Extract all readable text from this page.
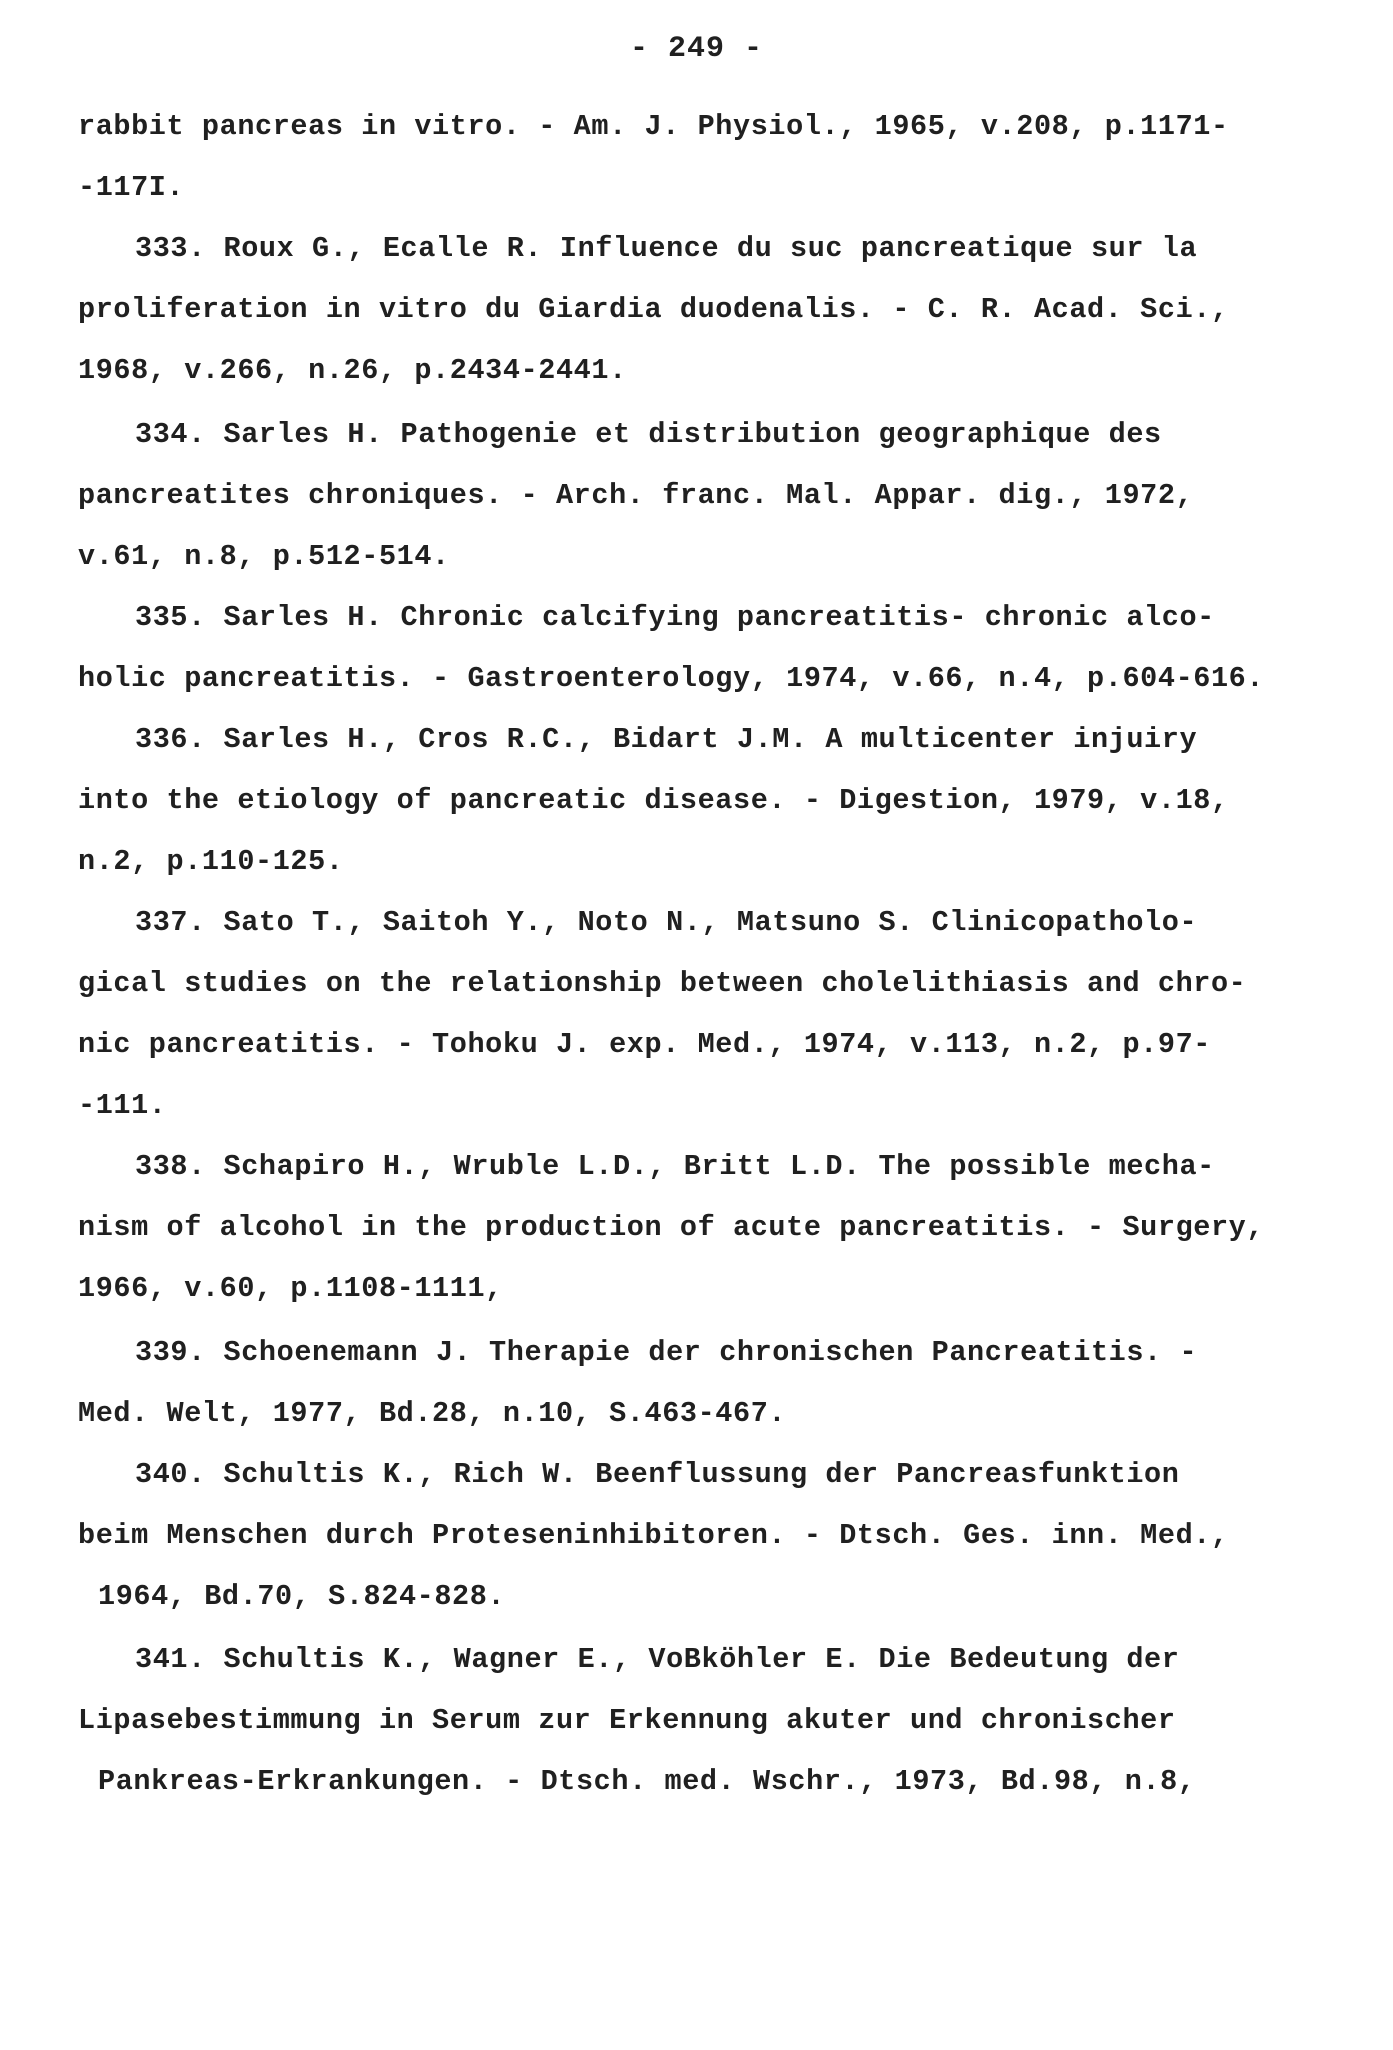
- 249 -
rabbit pancreas in vitro. - Am. J. Physiol., 1965, v.208, p.1171-
-117І.
333. Roux G., Ecalle R. Influence du suc pancreatique sur la
proliferation in vitro du Giardia duodenalis. - C. R. Acad. Sci.,
1968, v.266, n.26, p.2434-2441.
334. Sarles H. Pathogenie et distribution geographique des
pancreatites chroniques. - Arch. franc. Mal. Appar. dig., 1972,
v.61, n.8, p.512-514.
335. Sarles H. Chronic calcifying pancreatitis- chronic alco-
holic pancreatitis. - Gastroenterology, 1974, v.66, n.4, p.604-616.
336. Sarles H., Cros R.C., Bidart J.M. A multicenter injuiry
into the etiology of pancreatic disease. - Digestion, 1979, v.18,
n.2, p.110-125.
337. Sato T., Saitoh Y., Noto N., Matsuno S. Clinicopatholo-
gical studies on the relationship between cholelithiasis and chro-
nic pancreatitis. - Tohoku J. exp. Med., 1974, v.113, n.2, p.97-
-111.
338. Schapiro H., Wruble L.D., Britt L.D. The possible mecha-
nism of alcohol in the production of acute pancreatitis. - Surgery,
1966, v.60, p.1108-1111,
339. Schoenemann J. Therapie der chronischen Pancreatitis. -
Med. Welt, 1977, Bd.28, n.10, S.463-467.
340. Schultis K., Rich W. Beenflussung der Pancreasfunktion
beim Menschen durch Proteseninhibitoren. - Dtsch. Ges. inn. Med.,
1964, Bd.70, S.824-828.
341. Schultis K., Wagner E., VoBköhler E. Die Bedeutung der
Lipasebestimmung in Serum zur Erkennung akuter und chronischer
Pankreas-Erkrankungen. - Dtsch. med. Wschr., 1973, Bd.98, n.8,
